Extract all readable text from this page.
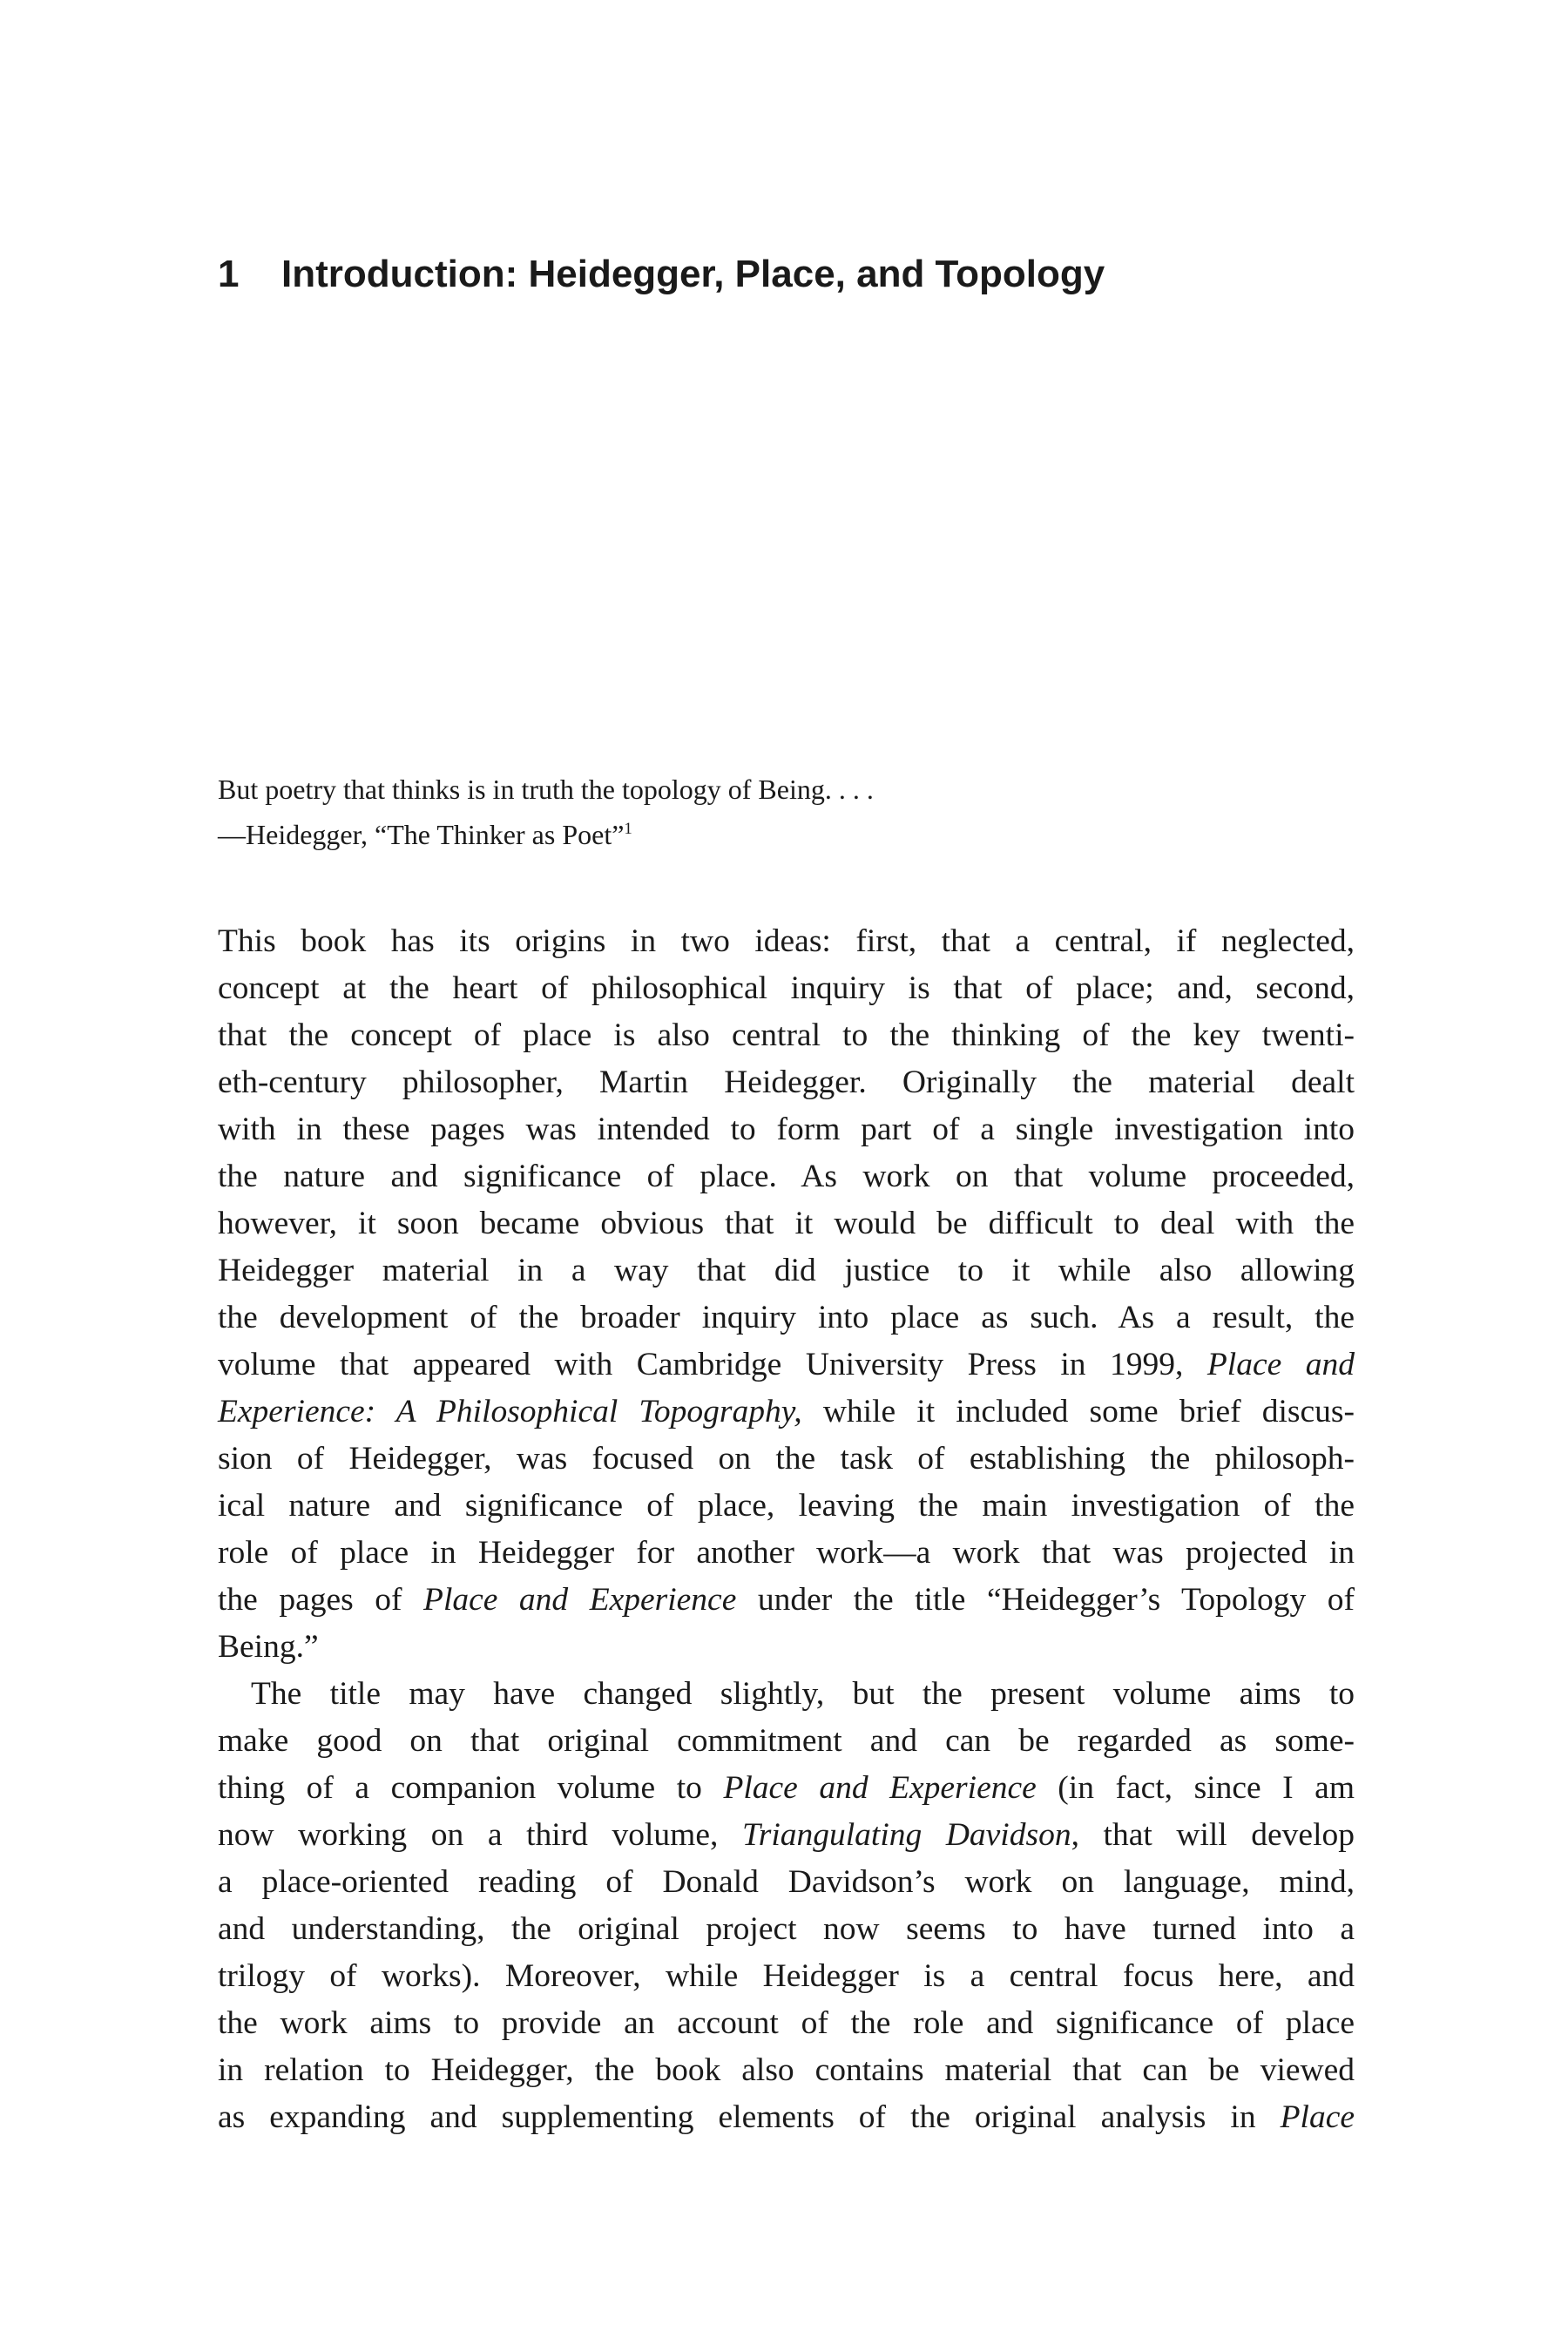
1 Introduction: Heidegger, Place, and Topology

But poetry that thinks is in truth the topology of Being. . . .

—Heidegger, “The Thinker as Poet”$^1$

This book has its origins in two ideas: first, that a central, if neglected,
concept at the heart of philosophical inquiry is that of place; and, second,
that the concept of place is also central to the thinking of the key twenti-
eth-century philosopher, Martin Heidegger. Originally the material dealt
with in these pages was intended to form part of a single investigation into
the nature and significance of place. As work on that volume proceeded,
however, it soon became obvious that it would be difficult to deal with the
Heidegger material in a way that did justice to it while also allowing
the development of the broader inquiry into place as such. As a result, the
volume that appeared with Cambridge University Press in 1999, Place and
Experience: A Philosophical Topography, while it included some brief discus-
sion of Heidegger, was focused on the task of establishing the philosoph-
ical nature and significance of place, leaving the main investigation of the
role of place in Heidegger for another work—a work that was projected in
the pages of Place and Experience under the title “Heidegger’s Topology of
Being.”
The title may have changed slightly, but the present volume aims to
make good on that original commitment and can be regarded as some-
thing of a companion volume to Place and Experience (in fact, since I am
now working on a third volume, Triangulating Davidson, that will develop
a place-oriented reading of Donald Davidson’s work on language, mind,
and understanding, the original project now seems to have turned into a
trilogy of works). Moreover, while Heidegger is a central focus here, and
the work aims to provide an account of the role and significance of place
in relation to Heidegger, the book also contains material that can be viewed
as expanding and supplementing elements of the original analysis in Place
